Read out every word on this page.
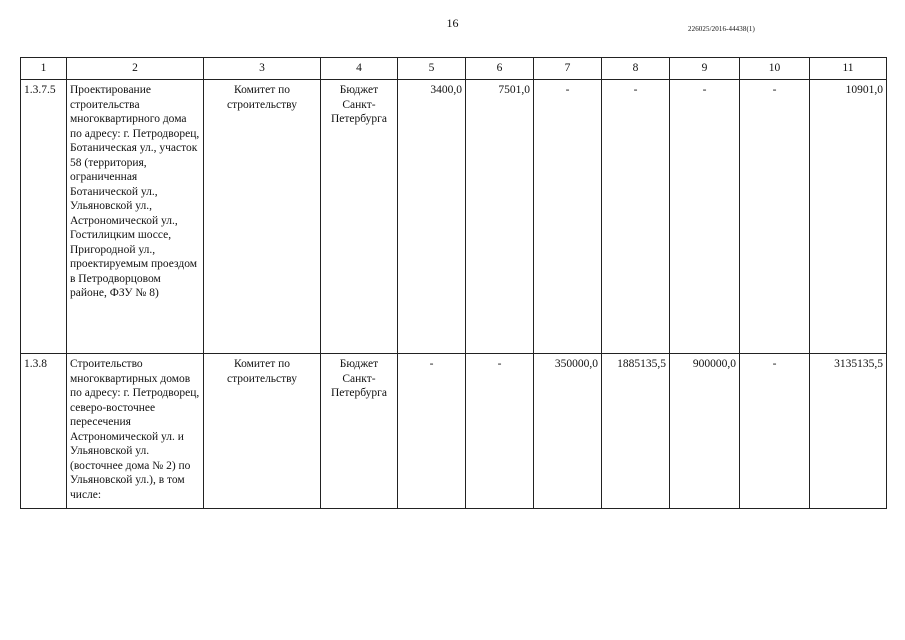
16	226025/2016-44438(1)
1	2	3	4	5	6	7	8	9	10	11
1.3.7.5	Проектирование строительства многоквартирного дома по адресу: г. Петродворец, Ботаническая ул., участок 58 (территория, ограниченная Ботанической ул., Ульяновской ул., Астрономической ул., Гостилицким шоссе, Пригородной ул., проектируемым проездом в Петродворцовом районе, ФЗУ № 8)	Комитет по строительству	Бюджет Санкт-Петербурга	3400,0	7501,0	-	-	-	-	10901,0
1.3.8	Строительство многоквартирных домов по адресу: г. Петродворец, северо-восточнее пересечения Астрономической ул. и Ульяновской ул. (восточнее дома № 2) по Ульяновской ул.), в том числе:	Комитет по строительству	Бюджет Санкт-Петербурга	-	-	350000,0	1885135,5	900000,0	-	3135135,5
